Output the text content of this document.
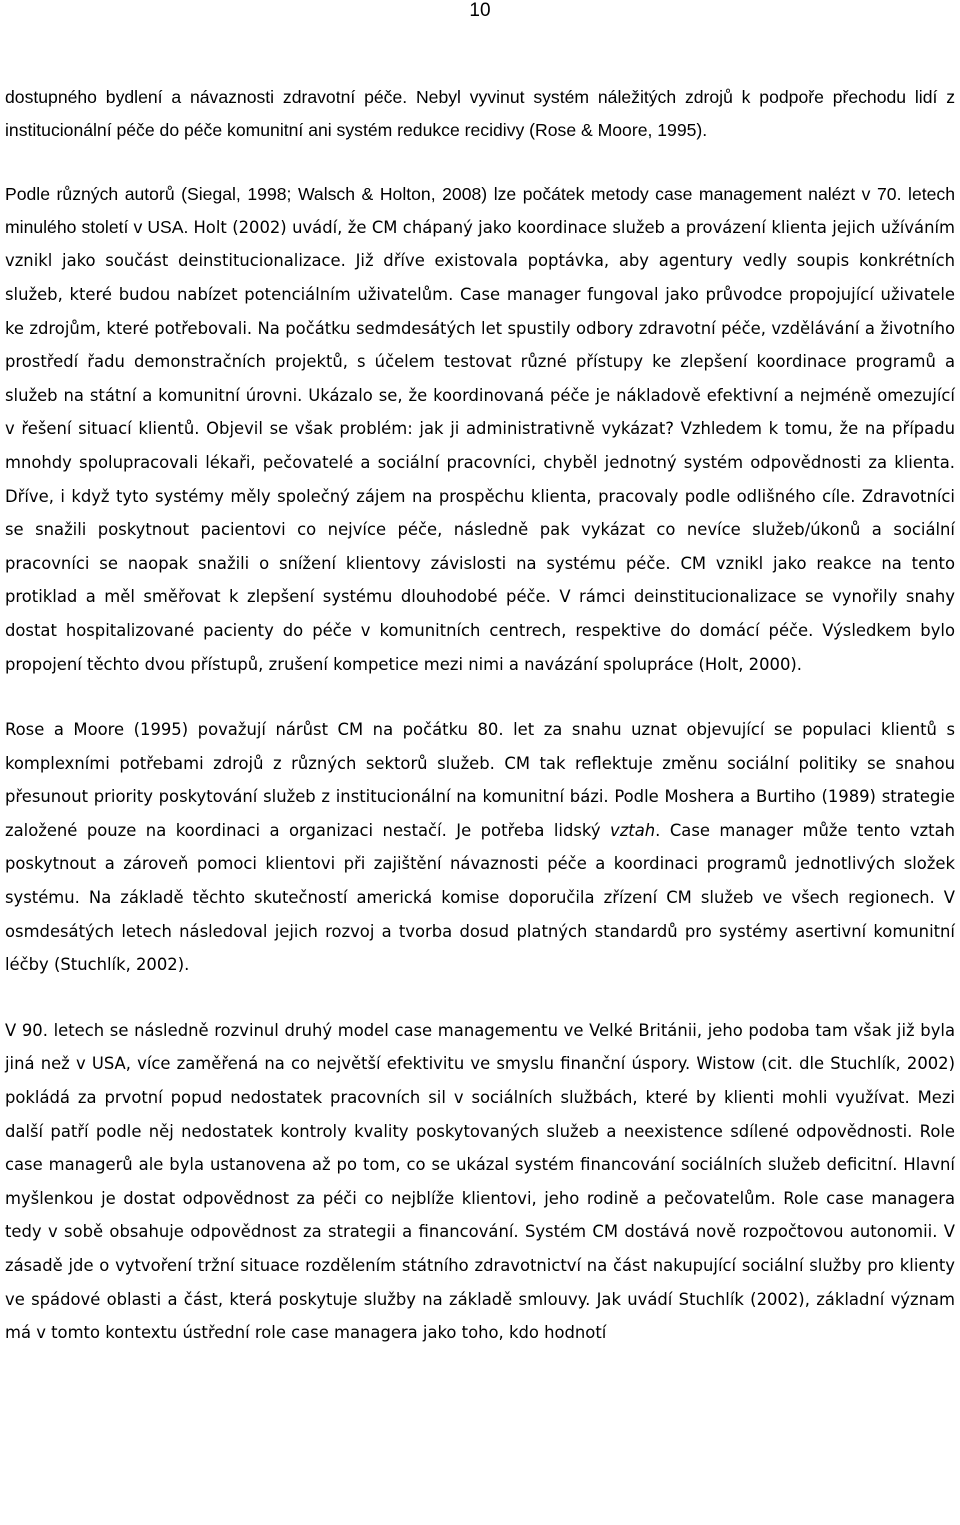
10

dostupného bydlení a návaznosti zdravotní péče. Nebyl vyvinut systém náležitých zdrojů k podpoře přechodu lidí z institucionální péče do péče komunitní ani systém redukce recidivy (Rose & Moore, 1995).

Podle různých autorů (Siegal, 1998; Walsch & Holton, 2008) lze počátek metody case management nalézt v 70. letech minulého století v USA. Holt (2002) uvádí, že CM chápaný jako koordinace služeb a provázení klienta jejich užíváním vznikl jako součást deinstitucionalizace. Již dříve existovala poptávka, aby agentury vedly soupis konkrétních služeb, které budou nabízet potenciálním uživatelům. Case manager fungoval jako průvodce propojující uživatele ke zdrojům, které potřebovali. Na počátku sedmdesátých let spustily odbory zdravotní péče, vzdělávání a životního prostředí řadu demonstračních projektů, s účelem testovat různé přístupy ke zlepšení koordinace programů a služeb na státní a komunitní úrovni. Ukázalo se, že koordinovaná péče je nákladově efektivní a nejméně omezující v řešení situací klientů. Objevil se však problém: jak ji administrativně vykázat? Vzhledem k tomu, že na případu mnohdy spolupracovali lékaři, pečovatelé a sociální pracovníci, chyběl jednotný systém odpovědnosti za klienta. Dříve, i když tyto systémy měly společný zájem na prospěchu klienta, pracovaly podle odlišného cíle. Zdravotníci se snažili poskytnout pacientovi co nejvíce péče, následně pak vykázat co nevíce služeb/úkonů a sociální pracovníci se naopak snažili o snížení klientovy závislosti na systému péče. CM vznikl jako reakce na tento protiklad a měl směřovat k zlepšení systému dlouhodobé péče. V rámci deinstitucionalizace se vynořily snahy dostat hospitalizované pacienty do péče v komunitních centrech, respektive do domácí péče. Výsledkem bylo propojení těchto dvou přístupů, zrušení kompetice mezi nimi a navázání spolupráce (Holt, 2000).

Rose a Moore (1995) považují nárůst CM na počátku 80. let za snahu uznat objevující se populaci klientů s komplexními potřebami zdrojů z různých sektorů služeb. CM tak reflektuje změnu sociální politiky se snahou přesunout priority poskytování služeb z institucionální na komunitní bázi. Podle Moshera a Burtiho (1989) strategie založené pouze na koordinaci a organizaci nestačí. Je potřeba lidský vztah. Case manager může tento vztah poskytnout a zároveň pomoci klientovi při zajištění návaznosti péče a koordinaci programů jednotlivých složek systému. Na základě těchto skutečností americká komise doporučila zřízení CM služeb ve všech regionech. V osmdesátých letech následoval jejich rozvoj a tvorba dosud platných standardů pro systémy asertivní komunitní léčby (Stuchlík, 2002).

V 90. letech se následně rozvinul druhý model case managementu ve Velké Británii, jeho podoba tam však již byla jiná než v USA, více zaměřená na co největší efektivitu ve smyslu finanční úspory. Wistow (cit. dle Stuchlík, 2002) pokládá za prvotní popud nedostatek pracovních sil v sociálních službách, které by klienti mohli využívat. Mezi další patří podle něj nedostatek kontroly kvality poskytovaných služeb a neexistence sdílené odpovědnosti. Role case managerů ale byla ustanovena až po tom, co se ukázal systém financování sociálních služeb deficitní. Hlavní myšlenkou je dostat odpovědnost za péči co nejblíže klientovi, jeho rodině a pečovatelům. Role case managera tedy v sobě obsahuje odpovědnost za strategii a financování. Systém CM dostává nově rozpočtovou autonomii. V zásadě jde o vytvoření tržní situace rozdělením státního zdravotnictví na část nakupující sociální služby pro klienty ve spádové oblasti a část, která poskytuje služby na základě smlouvy. Jak uvádí Stuchlík (2002), základní význam má v tomto kontextu ústřední role case managera jako toho, kdo hodnotí
